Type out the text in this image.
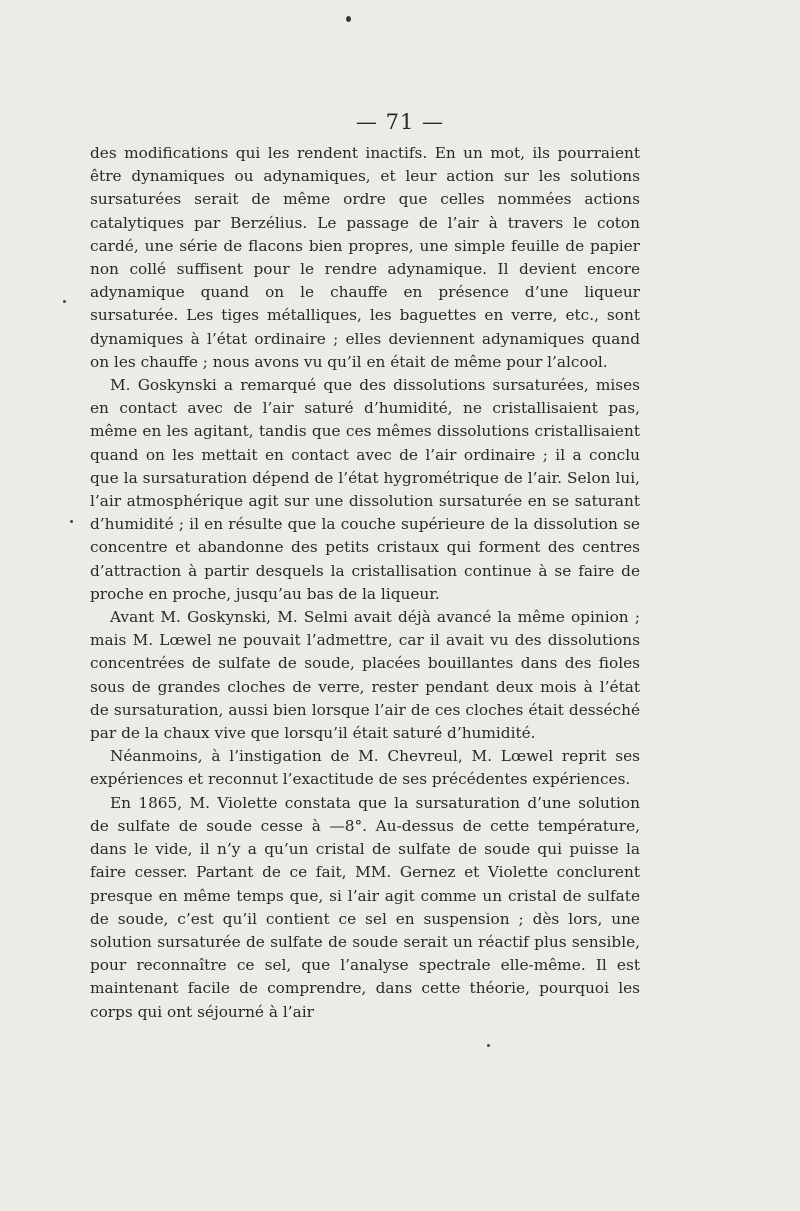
— 71 —

des modifications qui les rendent inactifs. En un mot, ils pourraient être dynamiques ou adynamiques, et leur action sur les solutions sursaturées serait de même ordre que celles nommées actions catalytiques par Berzélius. Le passage de l’air à travers le coton cardé, une série de flacons bien propres, une simple feuille de papier non collé suffisent pour le rendre adynamique. Il devient encore adynamique quand on le chauffe en présence d’une liqueur sursaturée. Les tiges métalliques, les baguettes en verre, etc., sont dynamiques à l’état ordinaire ; elles deviennent adynamiques quand on les chauffe ; nous avons vu qu’il en était de même pour l’alcool.

M. Goskynski a remarqué que des dissolutions sursaturées, mises en contact avec de l’air saturé d’humidité, ne cristallisaient pas, même en les agitant, tandis que ces mêmes dissolutions cristallisaient quand on les mettait en contact avec de l’air ordinaire ; il a conclu que la sursaturation dépend de l’état hygrométrique de l’air. Selon lui, l’air atmosphérique agit sur une dissolution sursaturée en se saturant d’humidité ; il en résulte que la couche supérieure de la dissolution se concentre et abandonne des petits cristaux qui forment des centres d’attraction à partir desquels la cristallisation continue à se faire de proche en proche, jusqu’au bas de la liqueur.

Avant M. Goskynski, M. Selmi avait déjà avancé la même opinion ; mais M. Lœwel ne pouvait l’admettre, car il avait vu des dissolutions concentrées de sulfate de soude, placées bouillantes dans des fioles sous de grandes cloches de verre, rester pendant deux mois à l’état de sursaturation, aussi bien lorsque l’air de ces cloches était desséché par de la chaux vive que lorsqu’il était saturé d’humidité.

Néanmoins, à l’instigation de M. Chevreul, M. Lœwel reprit ses expériences et reconnut l’exactitude de ses précédentes expériences.

En 1865, M. Violette constata que la sursaturation d’une solution de sulfate de soude cesse à —8°. Au-dessus de cette température, dans le vide, il n’y a qu’un cristal de sulfate de soude qui puisse la faire cesser. Partant de ce fait, MM. Gernez et Violette conclurent presque en même temps que, si l’air agit comme un cristal de sulfate de soude, c’est qu’il contient ce sel en suspension ; dès lors, une solution sursaturée de sulfate de soude serait un réactif plus sensible, pour reconnaître ce sel, que l’analyse spectrale elle-même. Il est maintenant facile de comprendre, dans cette théorie, pourquoi les corps qui ont séjourné à l’air
